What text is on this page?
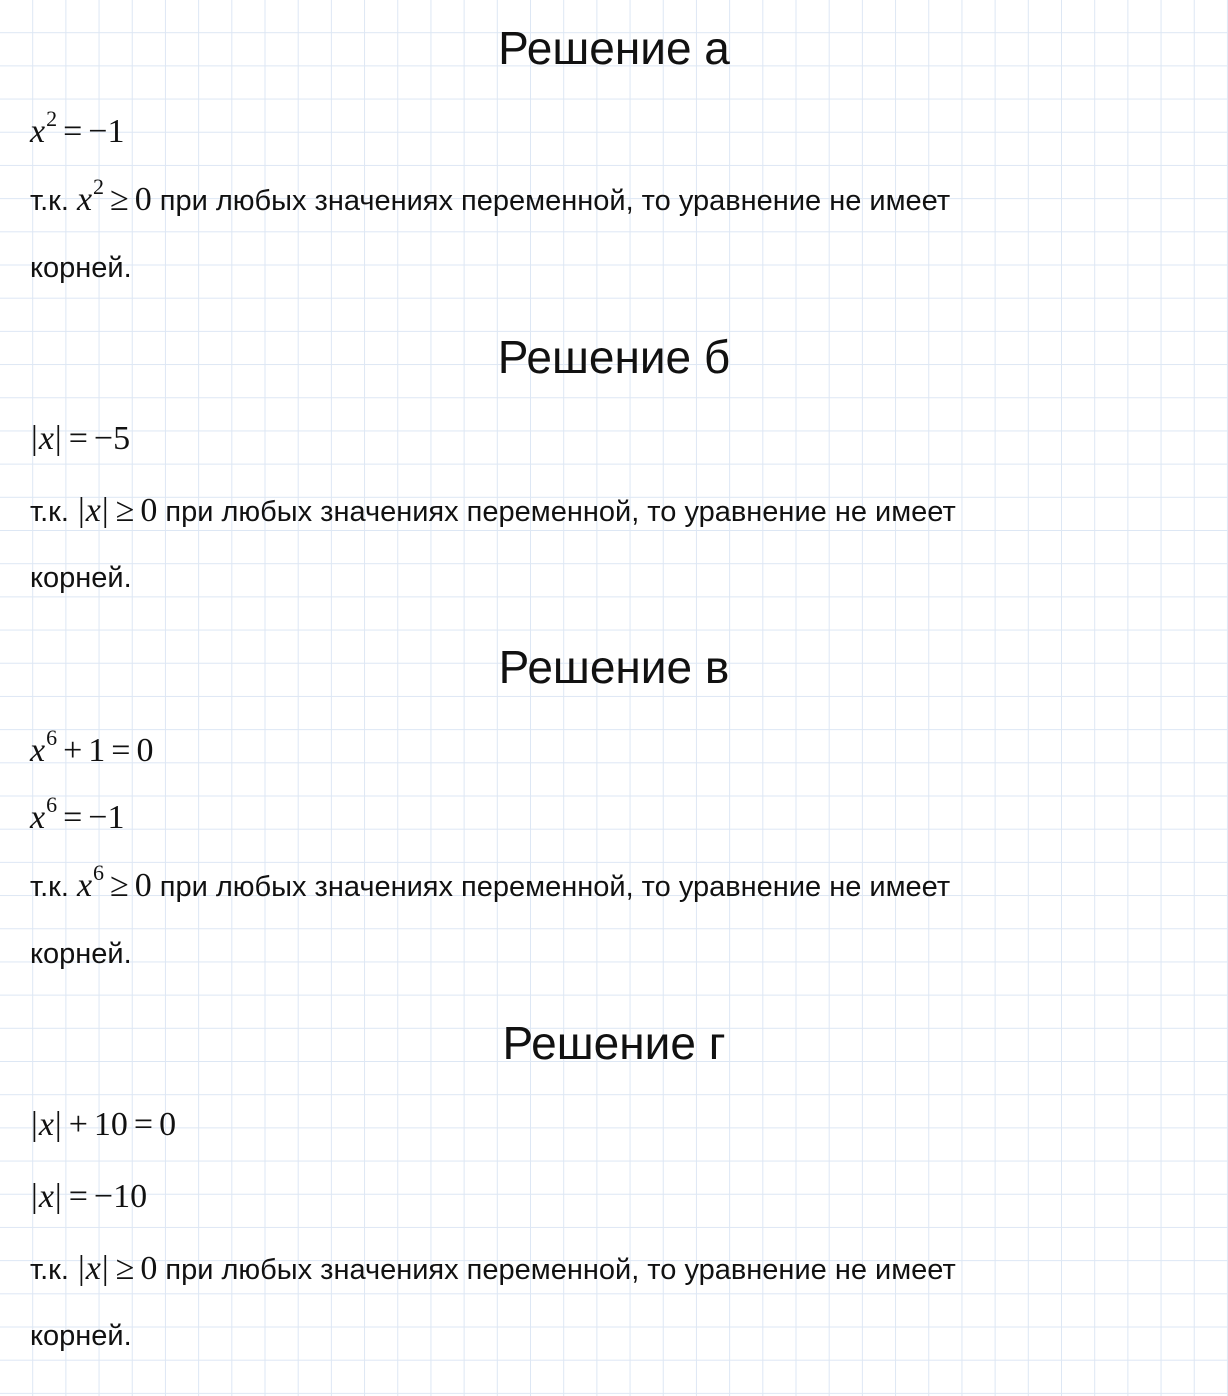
Решение а
$x^2 = -1$
т.к. $x^2 \ge 0$ при любых значениях переменной, то уравнение не имеет
корней.
Решение б
|x| = −5
т.к. |x| ≥ 0 при любых значениях переменной, то уравнение не имеет
корней.
Решение в
$x^6 + 1 = 0$
$x^6 = -1$
т.к. $x^6 \ge 0$ при любых значениях переменной, то уравнение не имеет
корней.
Решение г
|x| + 10 = 0
|x| = −10
т.к. |x| ≥ 0 при любых значениях переменной, то уравнение не имеет
корней.
